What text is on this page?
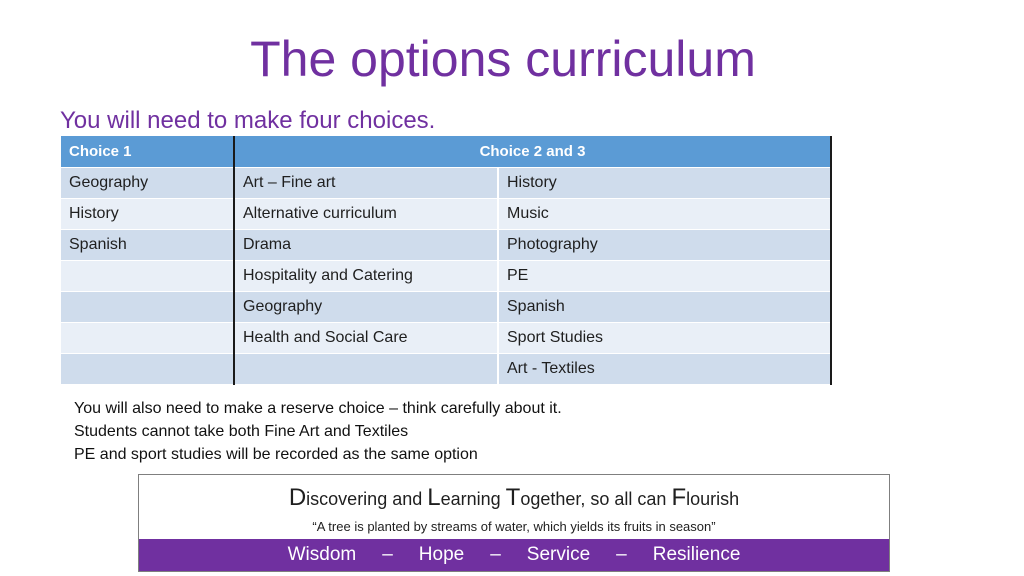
The options curriculum
You will need to make four choices.
Choice 1	Choice 2 and 3	
Geography	Art – Fine art	History
History	Alternative curriculum	Music
Spanish	Drama	Photography
	Hospitality and Catering	PE
	Geography	Spanish
	Health and Social Care	Sport Studies
		Art - Textiles
You will also need to make a reserve choice – think carefully about it.
Students cannot take both Fine Art and Textiles
PE and sport studies will be recorded as the same option
Discovering and Learning Together, so all can Flourish
“A tree is planted by streams of water, which yields its fruits in season”
Wisdom – Hope – Service – Resilience
